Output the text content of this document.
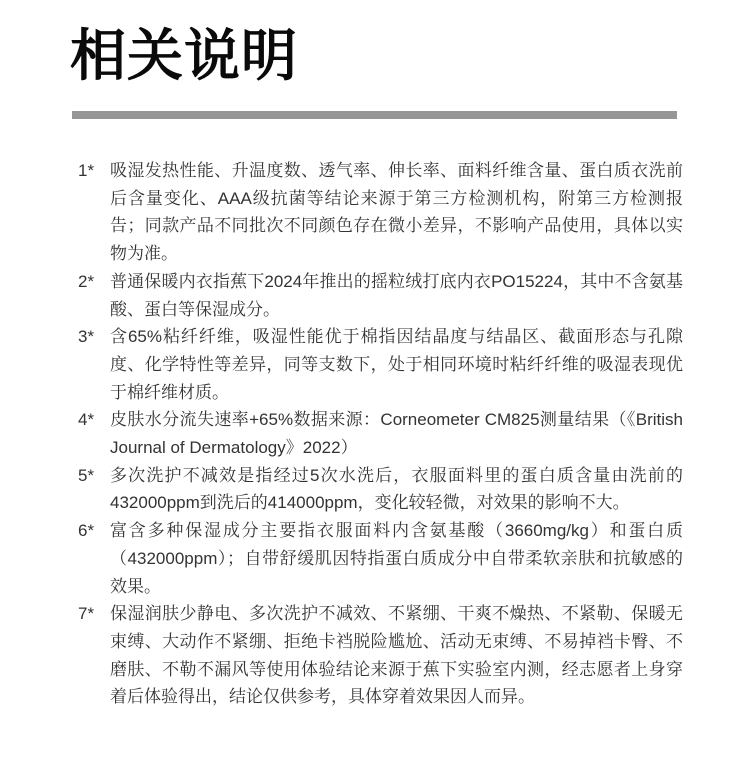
相关说明
1* 吸湿发热性能、升温度数、透气率、伸长率、面料纤维含量、蛋白质衣洗前后含量变化、AAA级抗菌等结论来源于第三方检测机构，附第三方检测报告；同款产品不同批次不同颜色存在微小差异，不影响产品使用，具体以实物为准。
2* 普通保暖内衣指蕉下2024年推出的摇粒绒打底内衣PO15224，其中不含氨基酸、蛋白等保湿成分。
3* 含65%粘纤纤维，吸湿性能优于棉指因结晶度与结晶区、截面形态与孔隙度、化学特性等差异，同等支数下，处于相同环境时粘纤纤维的吸湿表现优于棉纤维材质。
4* 皮肤水分流失速率+65%数据来源：Corneometer CM825测量结果（《British Journal of Dermatology》2022）
5* 多次洗护不减效是指经过5次水洗后，衣服面料里的蛋白质含量由洗前的432000ppm到洗后的414000ppm，变化较轻微，对效果的影响不大。
6* 富含多种保湿成分主要指衣服面料内含氨基酸（3660mg/kg）和蛋白质（432000ppm）；自带舒缓肌因特指蛋白质成分中自带柔软亲肤和抗敏感的效果。
7* 保湿润肤少静电、多次洗护不减效、不紧绷、干爽不燥热、不紧勒、保暖无束缚、大动作不紧绷、拒绝卡裆脱险尴尬、活动无束缚、不易掉裆卡臀、不磨肤、不勒不漏风等使用体验结论来源于蕉下实验室内测，经志愿者上身穿着后体验得出，结论仅供参考，具体穿着效果因人而异。
